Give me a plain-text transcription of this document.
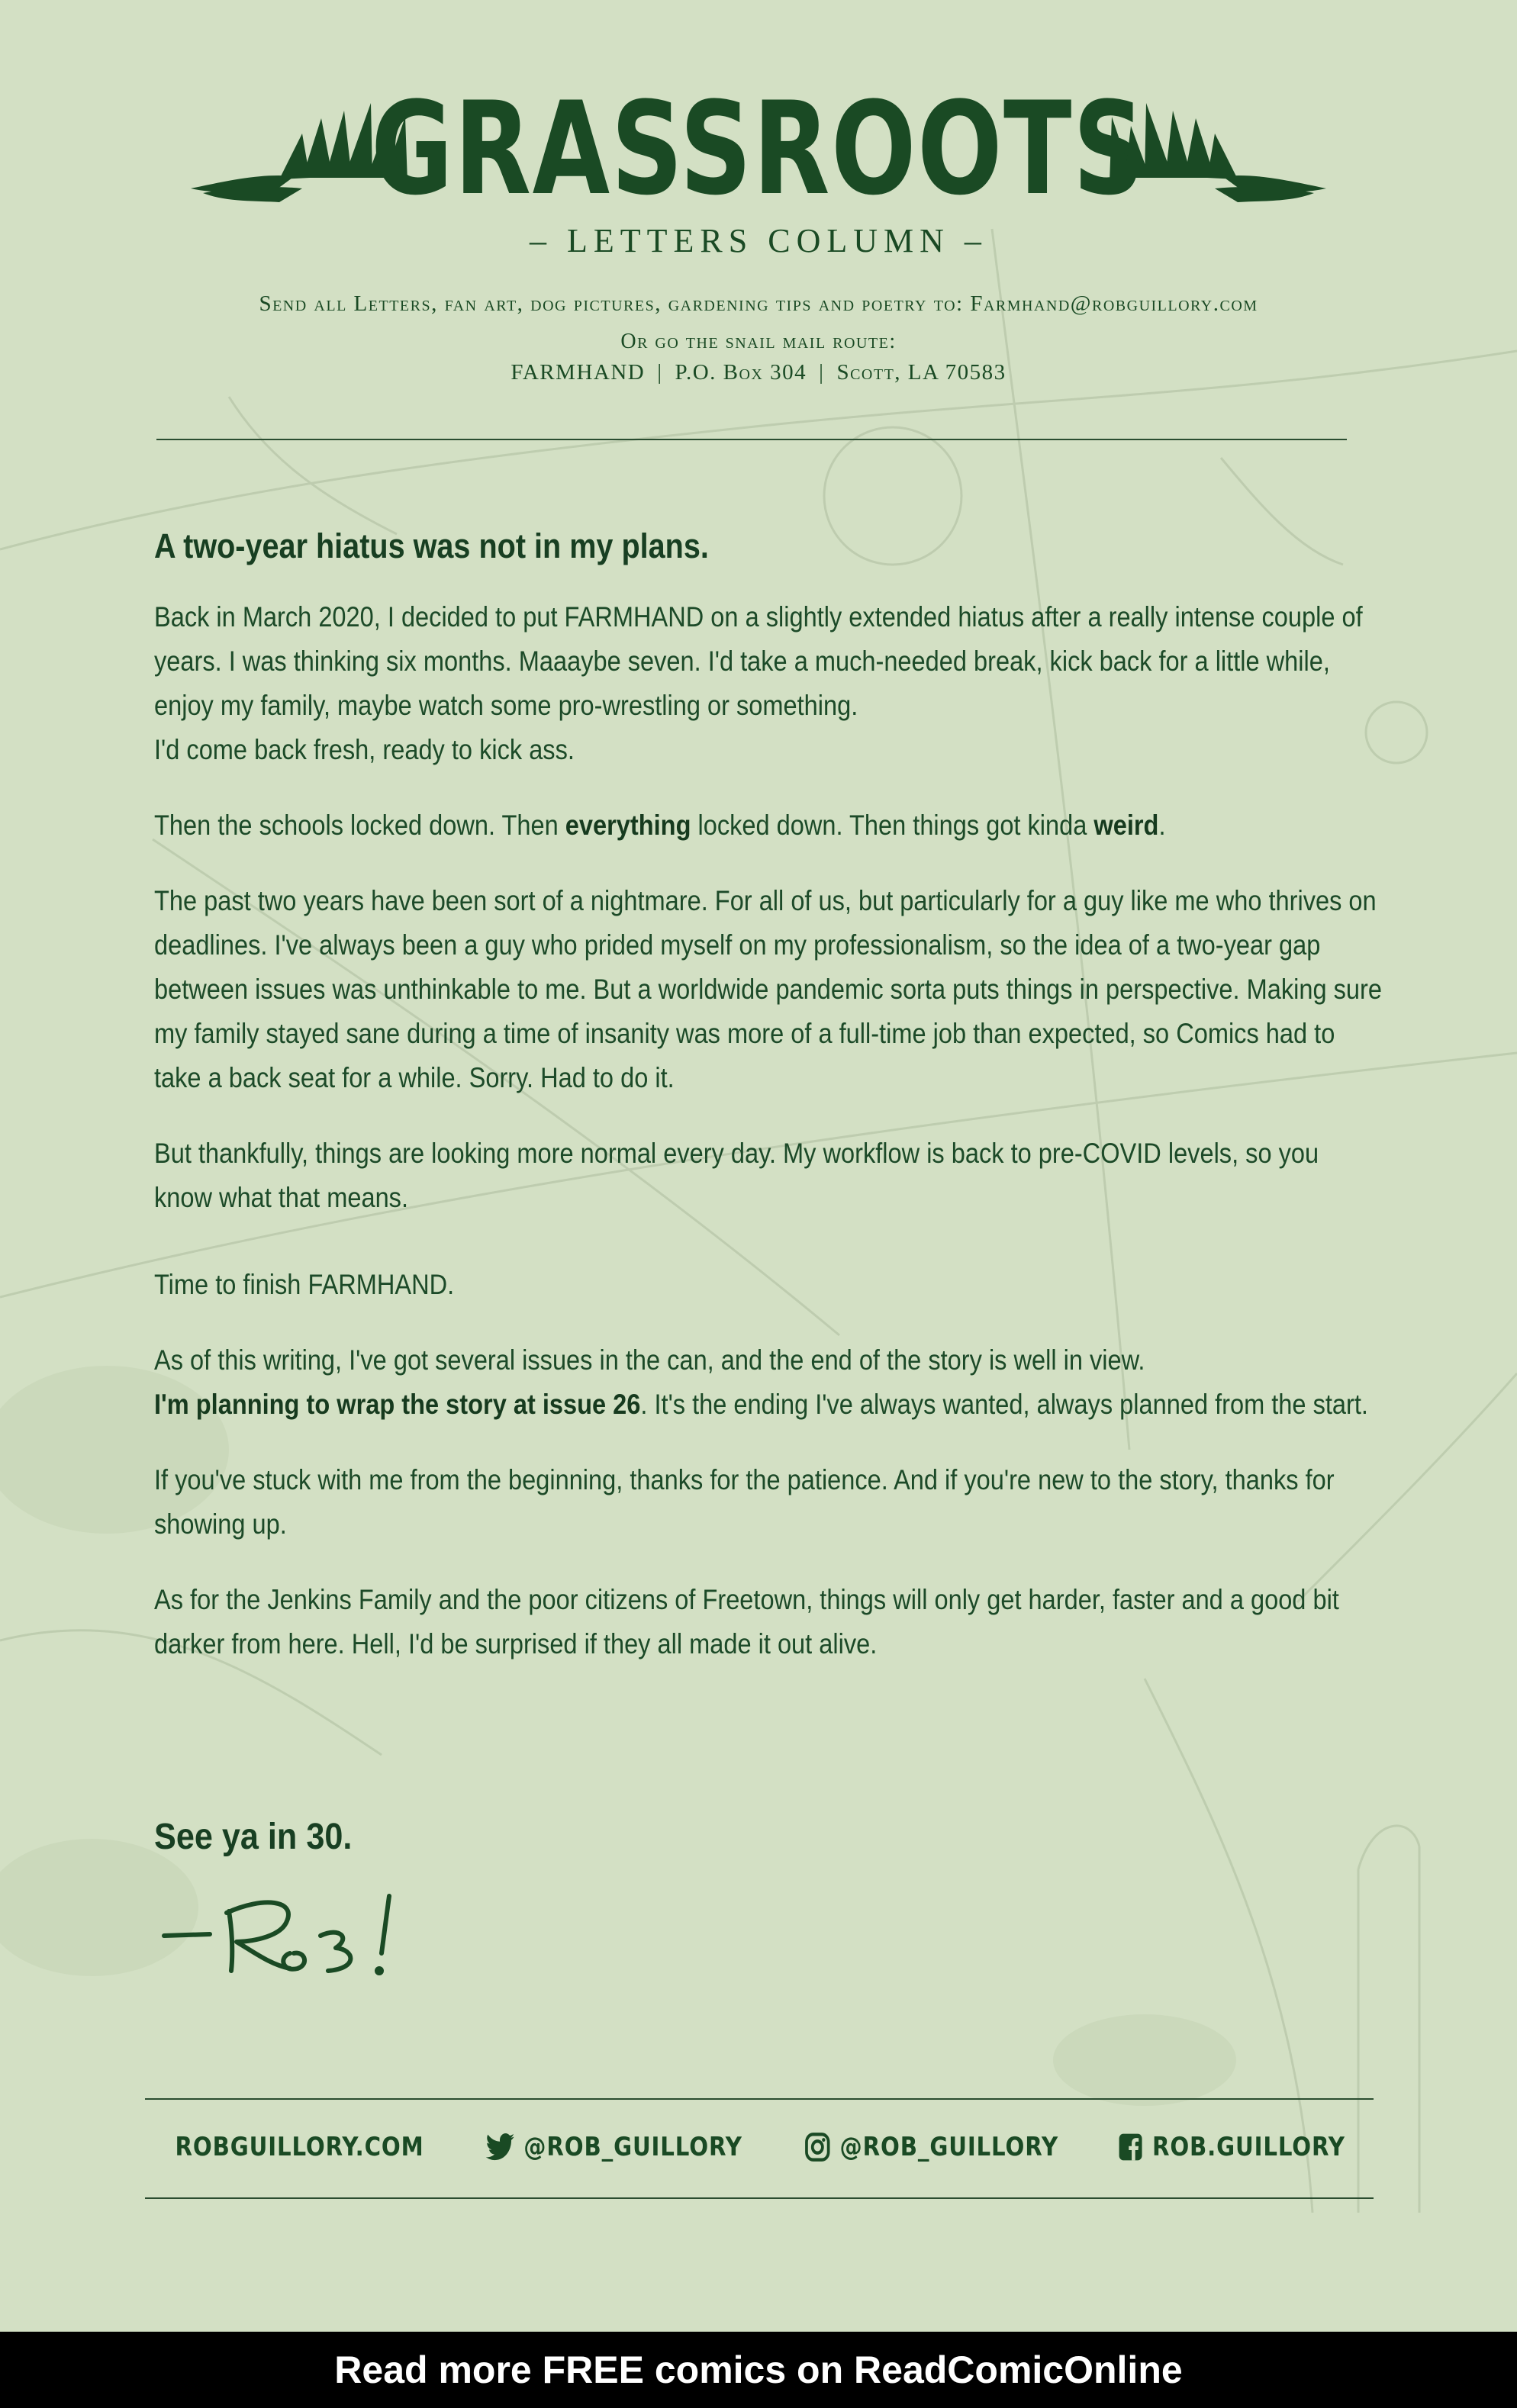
GRASSROOTS
– LETTERS COLUMN –
Send all Letters, fan art, dog pictures, gardening tips and poetry to: Farmhand@robguillory.com
Or go the snail mail route:
FARMHAND | P.O. Box 304 | Scott, LA 70583
A two-year hiatus was not in my plans.

Back in March 2020, I decided to put FARMHAND on a slightly extended hiatus after a really intense couple of years. I was thinking six months. Maaaybe seven. I'd take a much-needed break, kick back for a little while, enjoy my family, maybe watch some pro-wrestling or something.
I'd come back fresh, ready to kick ass.

Then the schools locked down. Then everything locked down. Then things got kinda weird.

The past two years have been sort of a nightmare. For all of us, but particularly for a guy like me who thrives on deadlines. I've always been a guy who prided myself on my professionalism, so the idea of a two-year gap between issues was unthinkable to me. But a worldwide pandemic sorta puts things in perspective. Making sure my family stayed sane during a time of insanity was more of a full-time job than expected, so Comics had to take a back seat for a while. Sorry. Had to do it.

But thankfully, things are looking more normal every day. My workflow is back to pre-COVID levels, so you know what that means.

Time to finish FARMHAND.

As of this writing, I've got several issues in the can, and the end of the story is well in view.
I'm planning to wrap the story at issue 26. It's the ending I've always wanted, always planned from the start.

If you've stuck with me from the beginning, thanks for the patience. And if you're new to the story, thanks for showing up.

As for the Jenkins Family and the poor citizens of Freetown, things will only get harder, faster and a good bit darker from here. Hell, I'd be surprised if they all made it out alive.

See ya in 30.
ROBGUILLORY.COM	@ROB_GUILLORY	@ROB_GUILLORY	ROB.GUILLORY
Read more FREE comics on ReadComicOnline
